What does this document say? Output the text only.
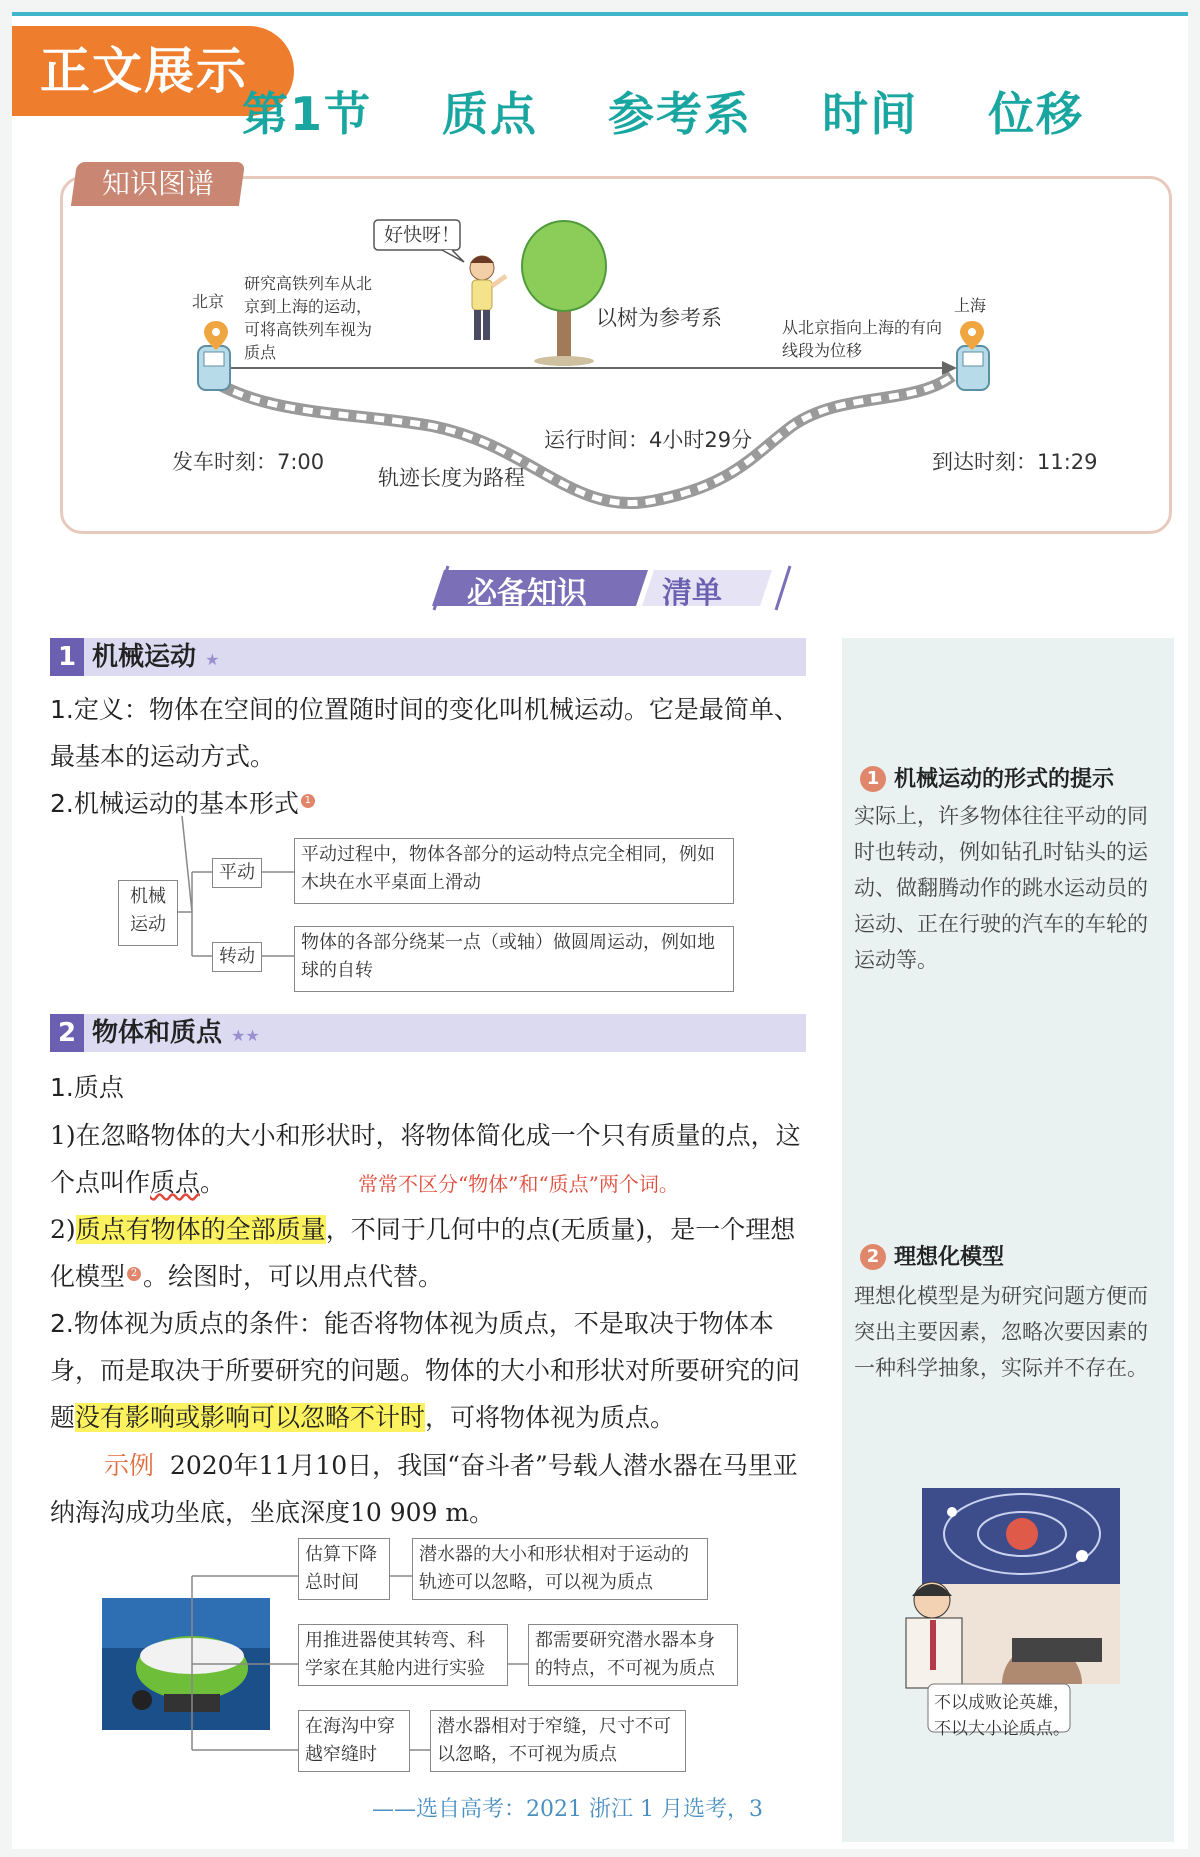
正文展示
第1节 质点 参考系 时间 位移
知识图谱
好快呀！
北京	上海
研究高铁列车从北京到上海的运动，可将高铁列车视为质点
以树为参考系	从北京指向上海的有向线段为位移
发车时刻：7:00	到达时刻：11:29
运行时间：4小时29分
轨迹长度为路程
必备知识	清单
1 机械运动的形式的提示
实际上，许多物体往往平动的同时也转动，例如钻孔时钻头的运动、做翻腾动作的跳水运动员的运动、正在行驶的汽车的车轮的运动等。
2 理想化模型
理想化模型是为研究问题方便而突出主要因素，忽略次要因素的一种科学抽象，实际并不存在。
不以成败论英雄，不以大小论质点。
1 机械运动 ★
1.定义：物体在空间的位置随时间的变化叫机械运动。它是最简单、最基本的运动方式。
2.机械运动的基本形式 $^1$
机械运动
平动
平动过程中，物体各部分的运动特点完全相同，例如木块在水平桌面上滑动
转动
物体的各部分绕某一点（或轴）做圆周运动，例如地球的自转
2 物体和质点 ★★
1.质点
1)在忽略物体的大小和形状时，将物体简化成一个只有质量的点，这个点叫作质点。	常常不区分“物体”和“质点”两个词。
2)质点有物体的全部质量，不同于几何中的点(无质量)，是一个理想化模型 $^2$ 。绘图时，可以用点代替。
2.物体视为质点的条件：能否将物体视为质点，不是取决于物体本身，而是取决于所要研究的问题。物体的大小和形状对所要研究的问题没有影响或影响可以忽略不计时，可将物体视为质点。
示例 2020年11月10日，我国“奋斗者”号载人潜水器在马里亚纳海沟成功坐底，坐底深度10 909 m。
估算下降总时间
潜水器的大小和形状相对于运动的轨迹可以忽略，可以视为质点
用推进器使其转弯、科学家在其舱内进行实验
都需要研究潜水器本身的特点，不可视为质点
在海沟中穿越窄缝时
潜水器相对于窄缝，尺寸不可以忽略，不可视为质点
——选自高考：2021 浙江 1 月选考，3
